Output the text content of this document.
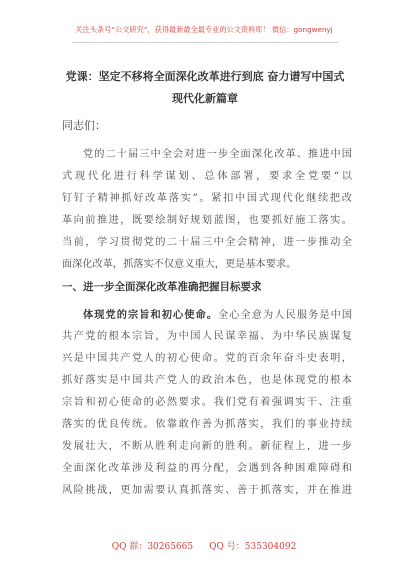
关注头条号“公文研究”，获得最新最全最专业的公文资料库！ 微信：gongwenyj
党课：坚定不移将全面深化改革进行到底 奋力谱写中国式
现代化新篇章
同志们：
党的二十届三中全会对进一步全面深化改革、推进中国
式现代化进行科学谋划、总体部署，要求全党要“以
钉钉子精神抓好改革落实”。紧扣中国式现代化继续把改
革向前推进，既要绘制好规划蓝图，也要抓好施工落实。
当前，学习贯彻党的二十届三中全会精神，进一步推动全
面深化改革，抓落实不仅意义重大，更是基本要求。
一、进一步全面深化改革准确把握目标要求
体现党的宗旨和初心使命。全心全意为人民服务是中国
共产党的根本宗旨，为中国人民谋幸福、为中华民族谋复
兴是中国共产党人的初心使命。党的百余年奋斗史表明，
抓好落实是中国共产党人的政治本色，也是体现党的根本
宗旨和初心使命的必然要求。我们党有着强调实干、注重
落实的优良传统。依靠敢作善为抓落实，我们的事业持续
发展壮大，不断从胜利走向新的胜利。新征程上，进一步
全面深化改革涉及利益的再分配，会遇到各种困难障碍和
风险挑战，更加需要认真抓落实、善于抓落实，并在推进
QQ 群：30265665 QQ 号：535304092
